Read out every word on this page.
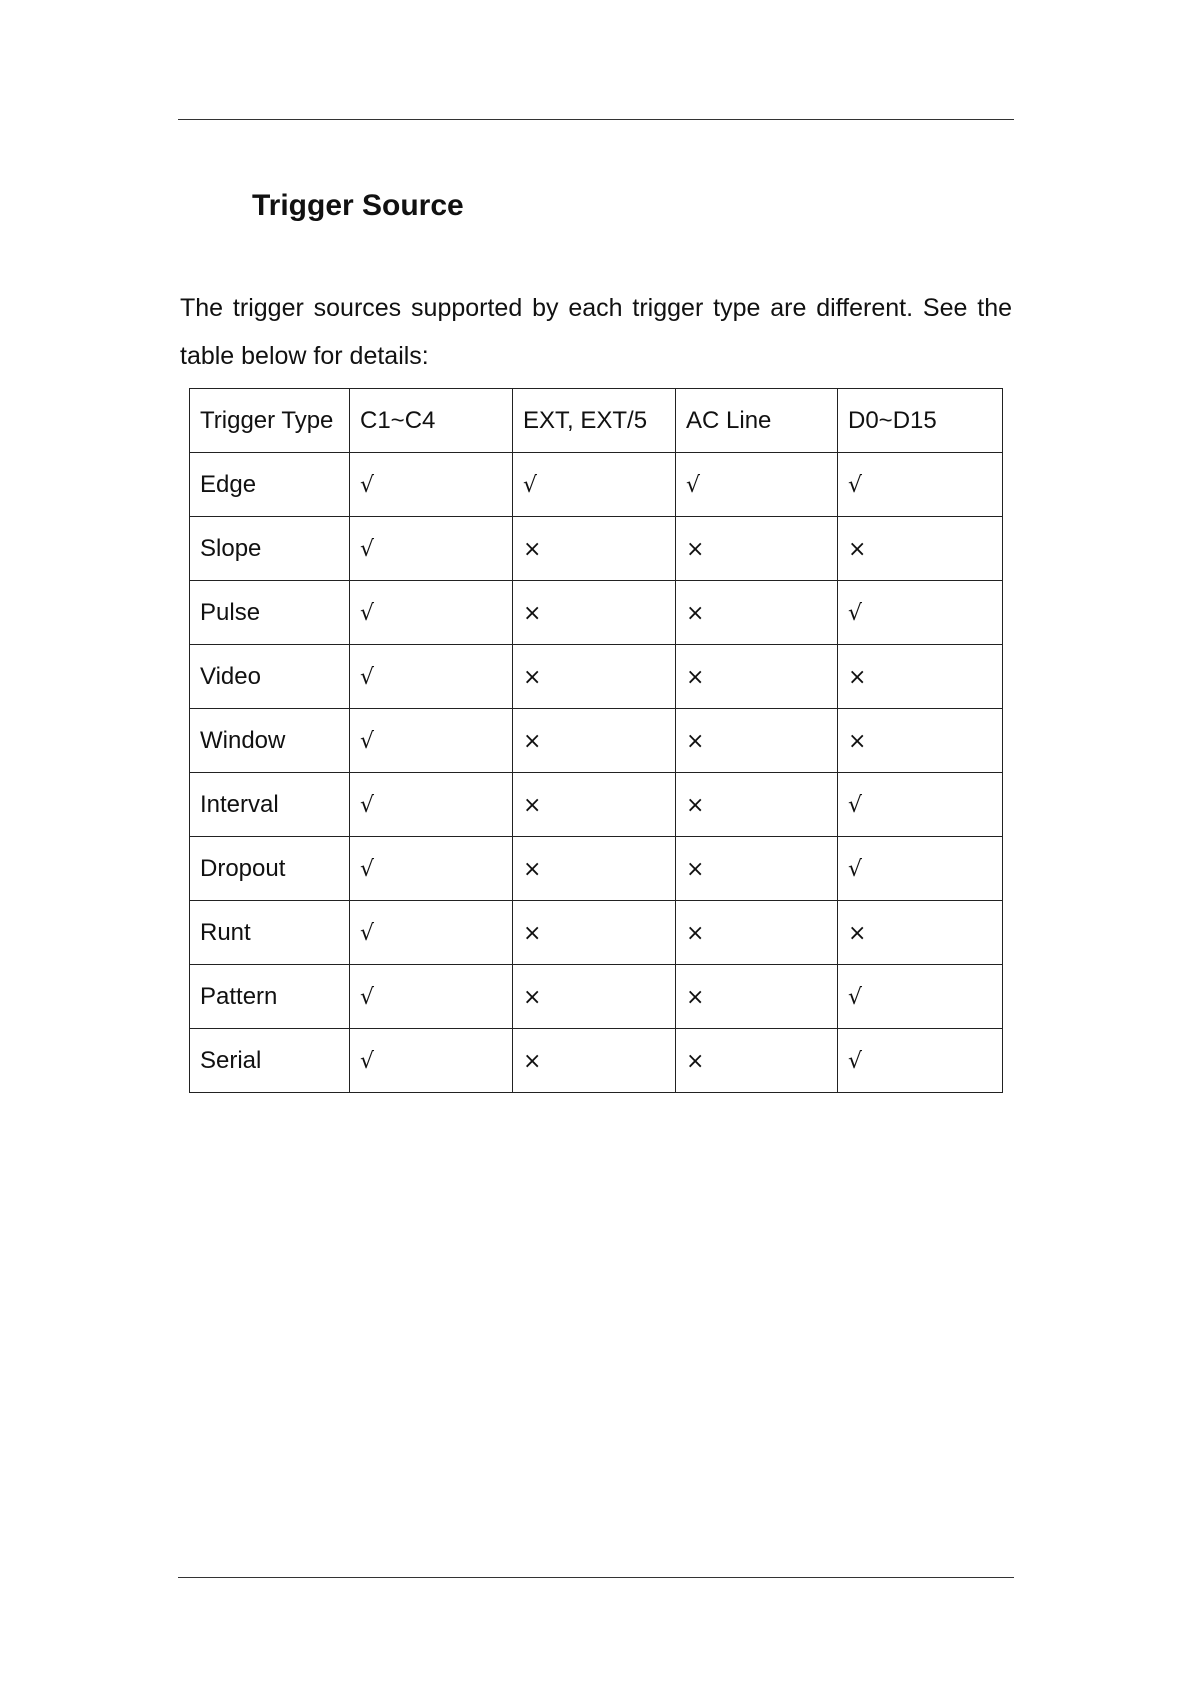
Trigger Source

The trigger sources supported by each trigger type are different. See the table below for details:

Trigger Type	C1~C4	EXT, EXT/5	AC Line	D0~D15
Edge	√	√	√	√
Slope	√	×	×	×
Pulse	√	×	×	√
Video	√	×	×	×
Window	√	×	×	×
Interval	√	×	×	√
Dropout	√	×	×	√
Runt	√	×	×	×
Pattern	√	×	×	√
Serial	√	×	×	√
